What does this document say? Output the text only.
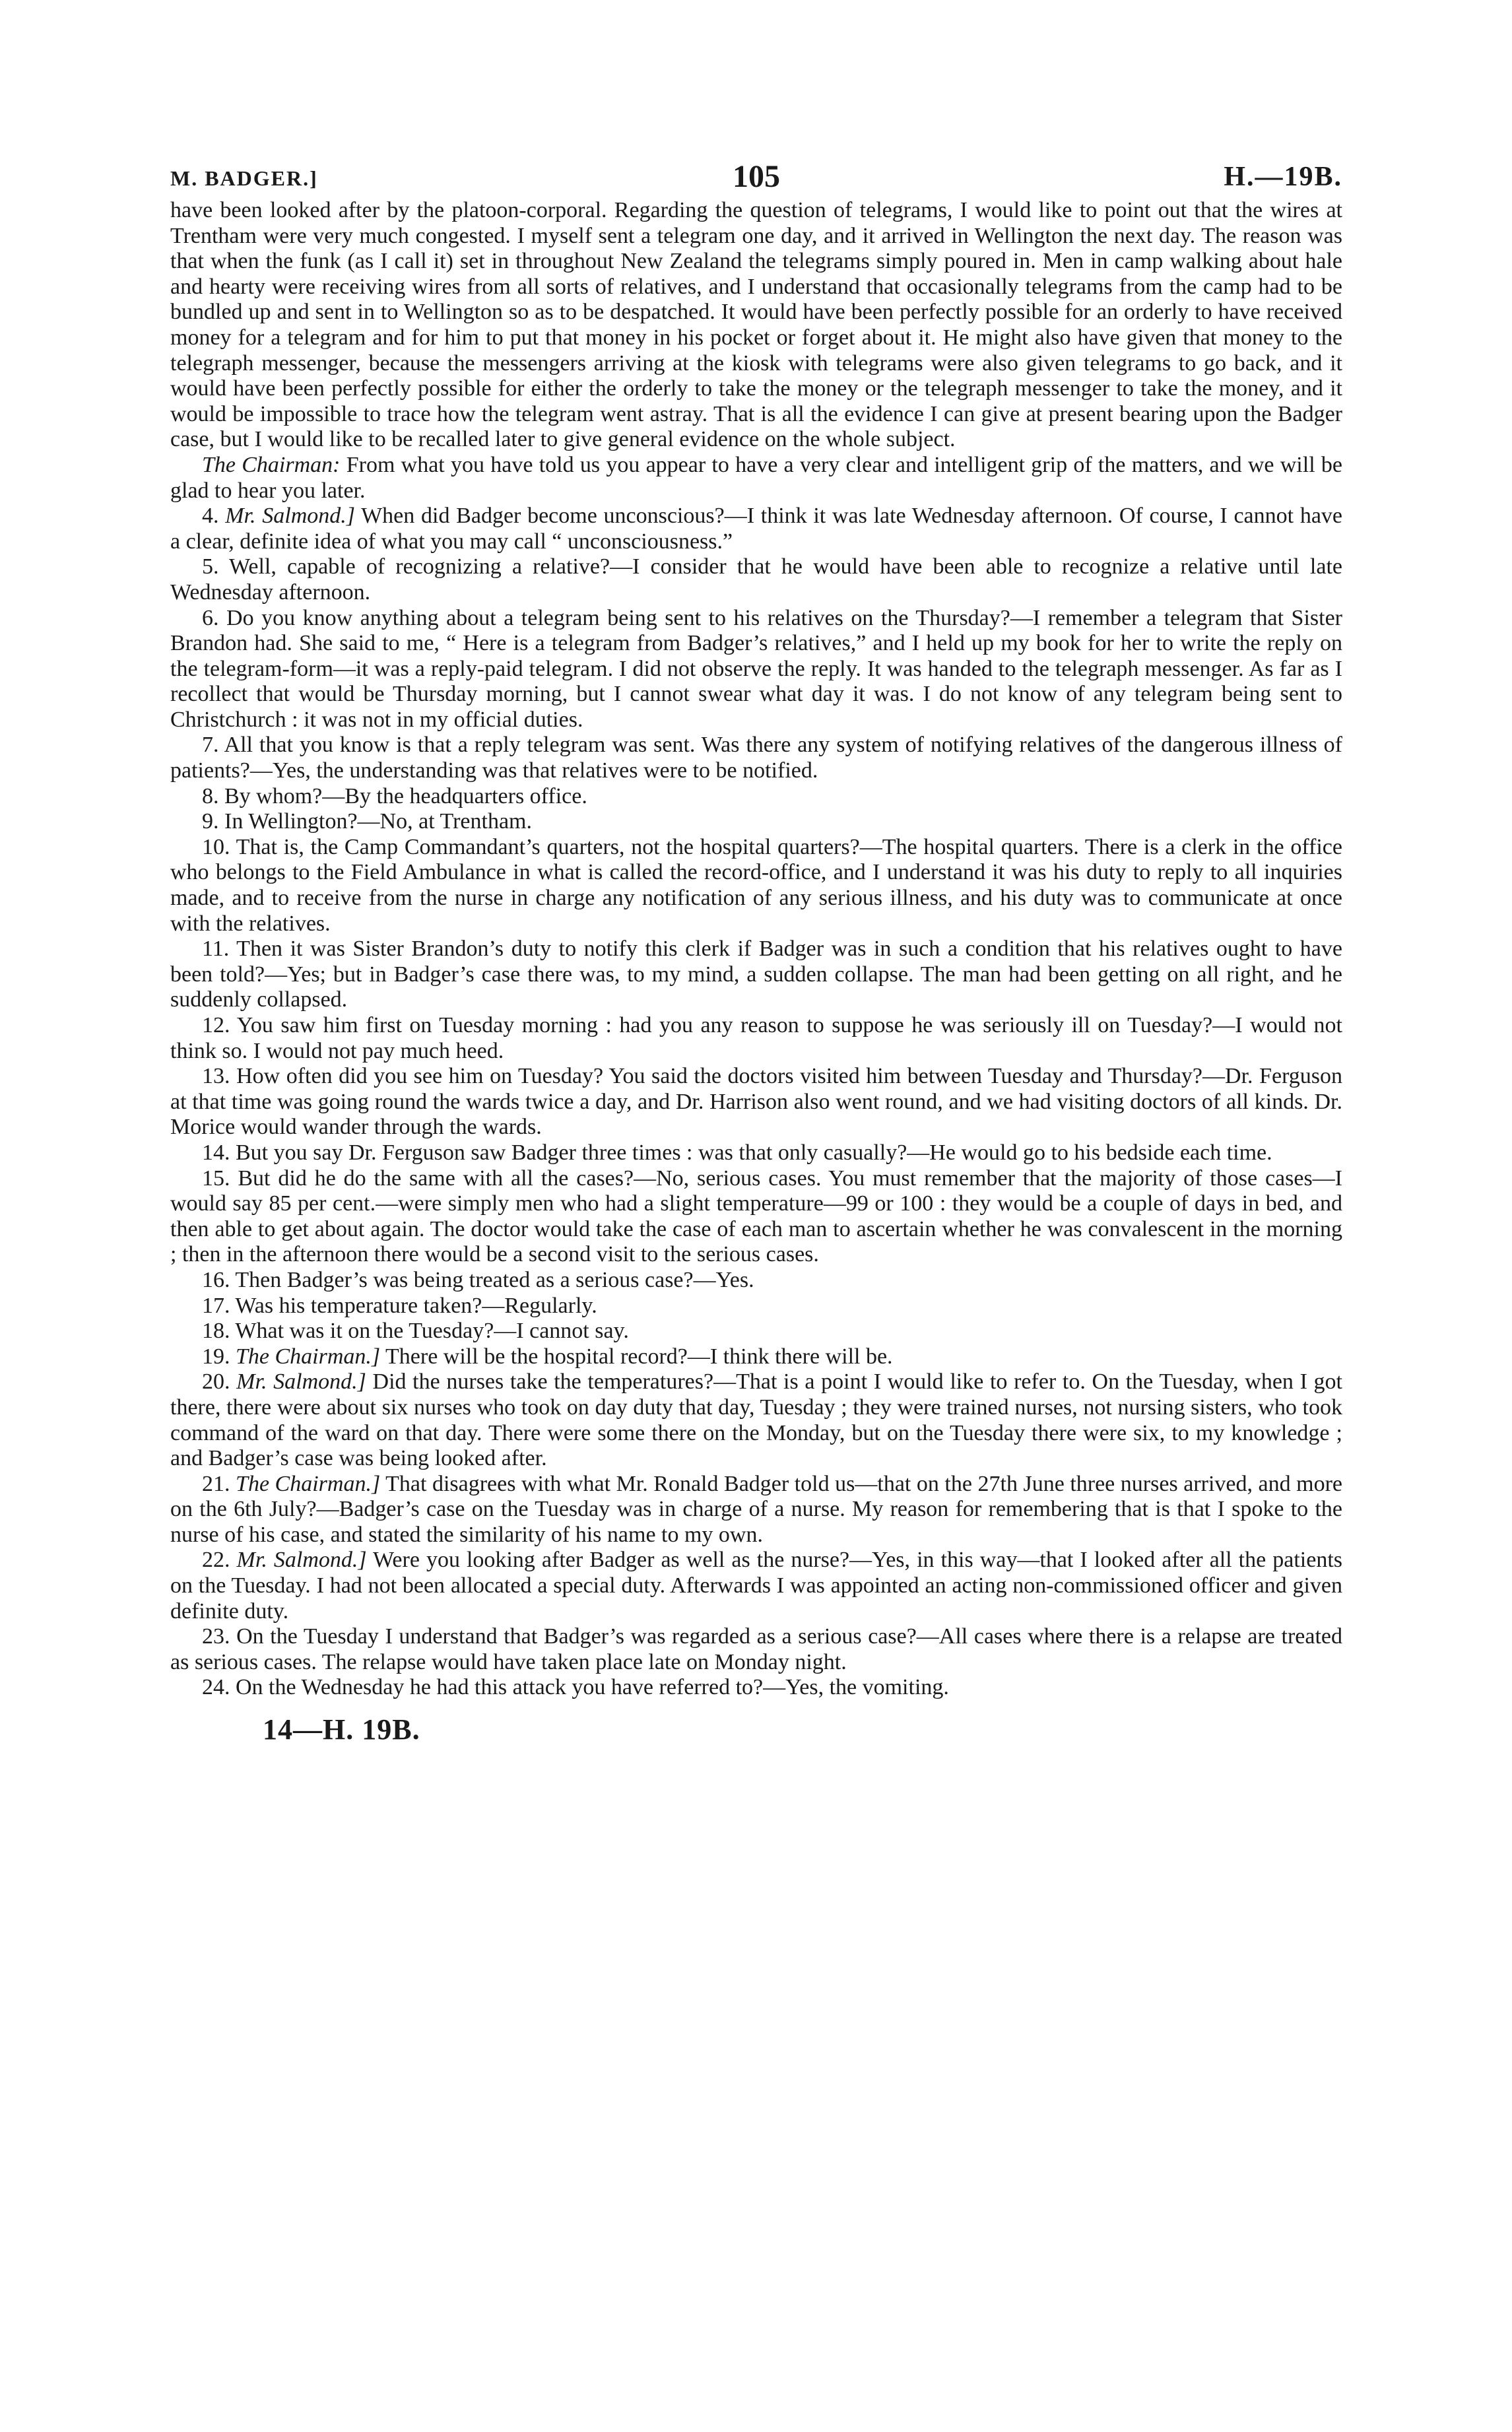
M. BADGER.]	105	H.—19B.

have been looked after by the platoon-corporal. Regarding the question of telegrams, I would like to point out that the wires at Trentham were very much congested. I myself sent a telegram one day, and it arrived in Wellington the next day. The reason was that when the funk (as I call it) set in throughout New Zealand the telegrams simply poured in. Men in camp walking about hale and hearty were receiving wires from all sorts of relatives, and I understand that occasionally telegrams from the camp had to be bundled up and sent in to Wellington so as to be despatched. It would have been perfectly possible for an orderly to have received money for a telegram and for him to put that money in his pocket or forget about it. He might also have given that money to the telegraph messenger, because the messengers arriving at the kiosk with telegrams were also given telegrams to go back, and it would have been perfectly possible for either the orderly to take the money or the telegraph messenger to take the money, and it would be impossible to trace how the telegram went astray. That is all the evidence I can give at present bearing upon the Badger case, but I would like to be recalled later to give general evidence on the whole subject.

The Chairman: From what you have told us you appear to have a very clear and intelligent grip of the matters, and we will be glad to hear you later.

4. Mr. Salmond.] When did Badger become unconscious?—I think it was late Wednesday afternoon. Of course, I cannot have a clear, definite idea of what you may call “ unconsciousness.”

5. Well, capable of recognizing a relative?—I consider that he would have been able to recognize a relative until late Wednesday afternoon.

6. Do you know anything about a telegram being sent to his relatives on the Thursday?—I remember a telegram that Sister Brandon had. She said to me, “ Here is a telegram from Badger’s relatives,” and I held up my book for her to write the reply on the telegram-form—it was a reply-paid telegram. I did not observe the reply. It was handed to the telegraph messenger. As far as I recollect that would be Thursday morning, but I cannot swear what day it was. I do not know of any telegram being sent to Christchurch : it was not in my official duties.

7. All that you know is that a reply telegram was sent. Was there any system of notifying relatives of the dangerous illness of patients?—Yes, the understanding was that relatives were to be notified.

8. By whom?—By the headquarters office.

9. In Wellington?—No, at Trentham.

10. That is, the Camp Commandant’s quarters, not the hospital quarters?—The hospital quarters. There is a clerk in the office who belongs to the Field Ambulance in what is called the record-office, and I understand it was his duty to reply to all inquiries made, and to receive from the nurse in charge any notification of any serious illness, and his duty was to communicate at once with the relatives.

11. Then it was Sister Brandon’s duty to notify this clerk if Badger was in such a condition that his relatives ought to have been told?—Yes; but in Badger’s case there was, to my mind, a sudden collapse. The man had been getting on all right, and he suddenly collapsed.

12. You saw him first on Tuesday morning : had you any reason to suppose he was seriously ill on Tuesday?—I would not think so. I would not pay much heed.

13. How often did you see him on Tuesday? You said the doctors visited him between Tuesday and Thursday?—Dr. Ferguson at that time was going round the wards twice a day, and Dr. Harrison also went round, and we had visiting doctors of all kinds. Dr. Morice would wander through the wards.

14. But you say Dr. Ferguson saw Badger three times : was that only casually?—He would go to his bedside each time.

15. But did he do the same with all the cases?—No, serious cases. You must remember that the majority of those cases—I would say 85 per cent.—were simply men who had a slight temperature—99 or 100 : they would be a couple of days in bed, and then able to get about again. The doctor would take the case of each man to ascertain whether he was convalescent in the morning ; then in the afternoon there would be a second visit to the serious cases.

16. Then Badger’s was being treated as a serious case?—Yes.

17. Was his temperature taken?—Regularly.

18. What was it on the Tuesday?—I cannot say.

19. The Chairman.] There will be the hospital record?—I think there will be.

20. Mr. Salmond.] Did the nurses take the temperatures?—That is a point I would like to refer to. On the Tuesday, when I got there, there were about six nurses who took on day duty that day, Tuesday ; they were trained nurses, not nursing sisters, who took command of the ward on that day. There were some there on the Monday, but on the Tuesday there were six, to my knowledge ; and Badger’s case was being looked after.

21. The Chairman.] That disagrees with what Mr. Ronald Badger told us—that on the 27th June three nurses arrived, and more on the 6th July?—Badger’s case on the Tuesday was in charge of a nurse. My reason for remembering that is that I spoke to the nurse of his case, and stated the similarity of his name to my own.

22. Mr. Salmond.] Were you looking after Badger as well as the nurse?—Yes, in this way—that I looked after all the patients on the Tuesday. I had not been allocated a special duty. Afterwards I was appointed an acting non-commissioned officer and given definite duty.

23. On the Tuesday I understand that Badger’s was regarded as a serious case?—All cases where there is a relapse are treated as serious cases. The relapse would have taken place late on Monday night.

24. On the Wednesday he had this attack you have referred to?—Yes, the vomiting.

14—H. 19B.
